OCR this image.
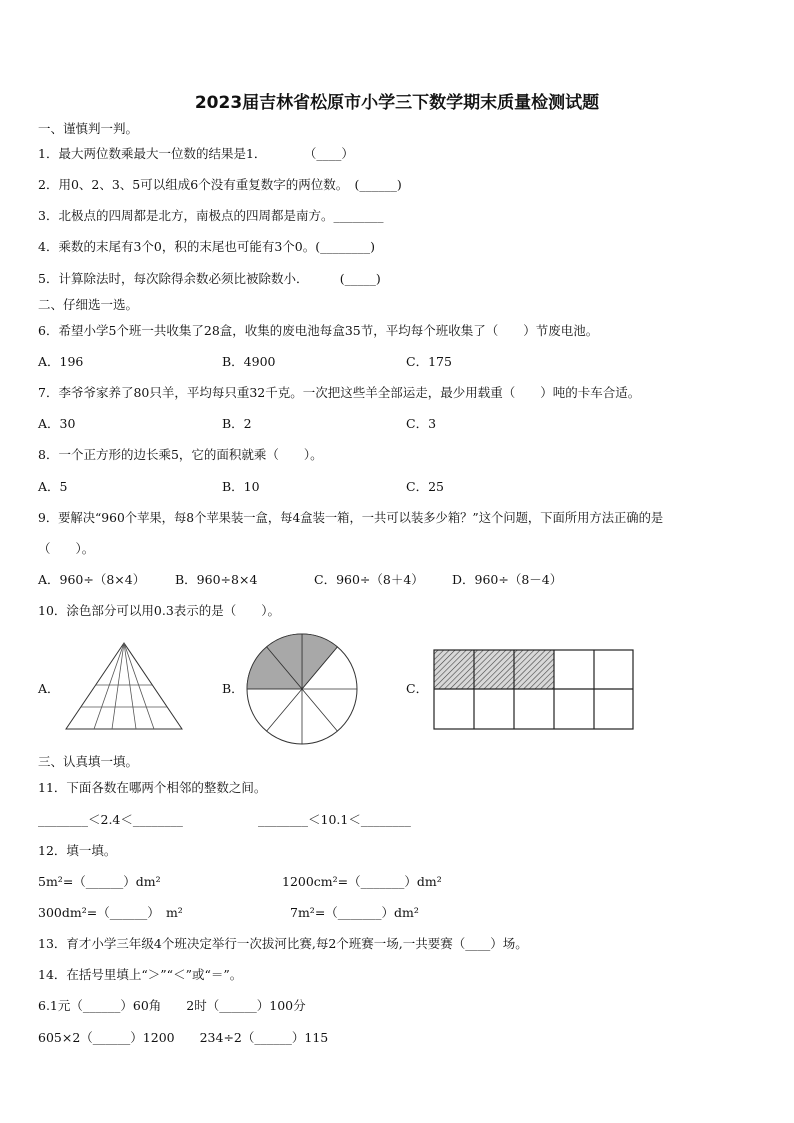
2023届吉林省松原市小学三下数学期末质量检测试题
一、谨慎判一判。
1．最大两位数乘最大一位数的结果是1．　　　　（____）
2．用0、2、3、5可以组成6个没有重复数字的两位数。　(______)
3．北极点的四周都是北方，南极点的四周都是南方。________
4．乘数的末尾有3个0，积的末尾也可能有3个0。(________)
5．计算除法时，每次除得余数必须比被除数小．　　　(_____)
二、仔细选一选。
6．希望小学5个班一共收集了28盒，收集的废电池每盒35节，平均每个班收集了（　　）节废电池。
A．196	B．4900	C．175
7．李爷爷家养了80只羊，平均每只重32千克。一次把这些羊全部运走，最少用载重（　　）吨的卡车合适。
A．30	B．2	C．3
8．一个正方形的边长乘5，它的面积就乘（　　）。
A．5	B．10	C．25
9．要解决“960个苹果，每8个苹果装一盒，每4盒装一箱，一共可以装多少箱？”这个问题，下面所用方法正确的是
（　　）。
A．960÷（8×4） B．960÷8×4	C．960÷（8＋4） D．960÷（8－4）
10．涂色部分可以用0.3表示的是（　　）。
A．	B．	C．
三、认真填一填。
11．下面各数在哪两个相邻的整数之间。
________＜2.4＜________	________＜10.1＜________
12．填一填。
5m²=（______）dm²	1200cm²=（_______）dm²
300dm²=（______）　m²	7m²=（_______）dm²
13．育才小学三年级4个班决定举行一次拔河比赛,每2个班赛一场,一共要赛（____）场。
14．在括号里填上“＞”“＜”或“＝”。
6.1元（______）60角　　2时（______）100分
605×2（______）1200　　234÷2（______）115
